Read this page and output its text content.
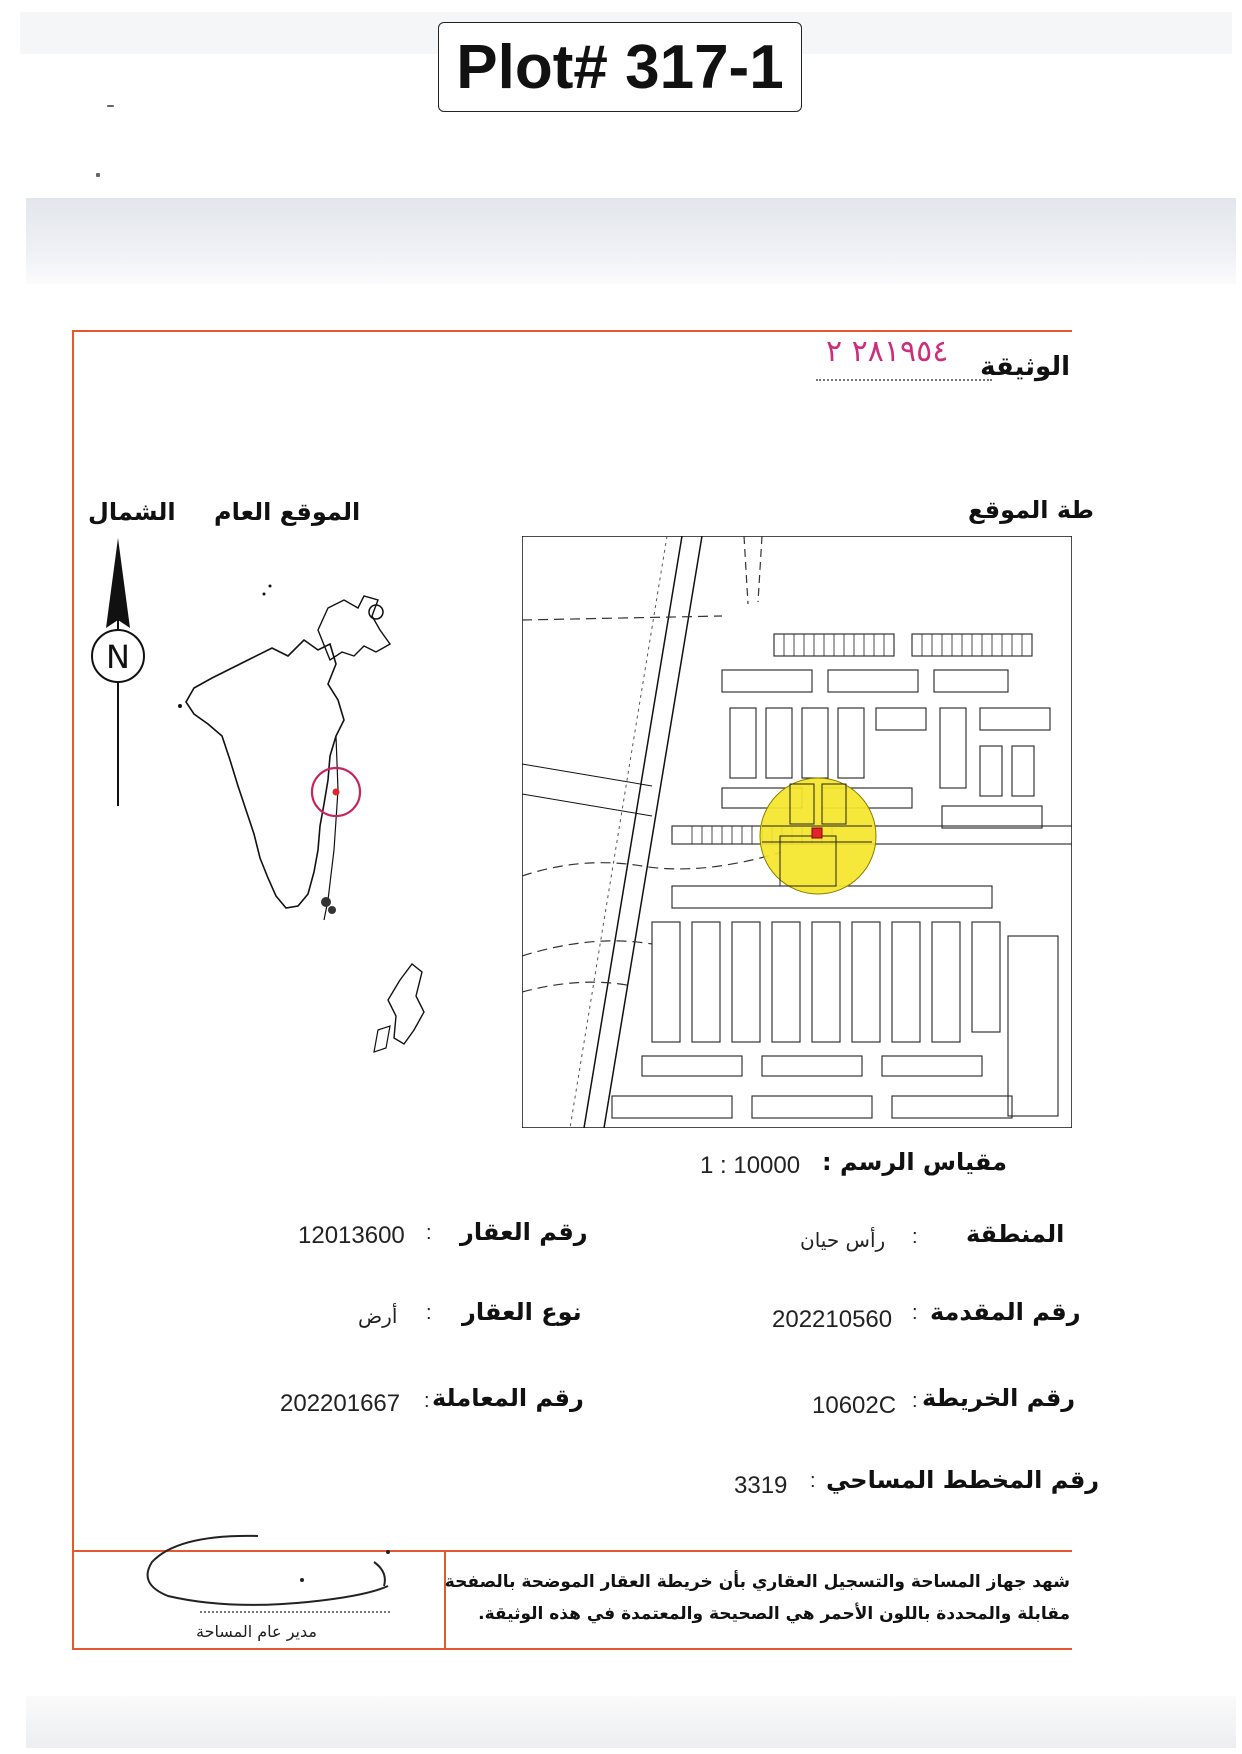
Plot# 317-1
الوثيقة
٢٨١٩٥٤ ٢
الشمال الموقع العام	طة الموقع
N
مقياس الرسم :
1 : 10000
رقم العقار
:
12013600
نوع العقار
:
أرض
رقم المعاملة
:
202201667
المنطقة
:
رأس حيان
رقم المقدمة
:
202210560
رقم الخريطة
:
10602C
رقم المخطط المساحي
:
3319
شهد جهاز المساحة والتسجيل العقاري بأن خريطة العقار الموضحة بالصفحة
مقابلة والمحددة باللون الأحمر هي الصحيحة والمعتمدة في هذه الوثيقة.
مدير عام المساحة
